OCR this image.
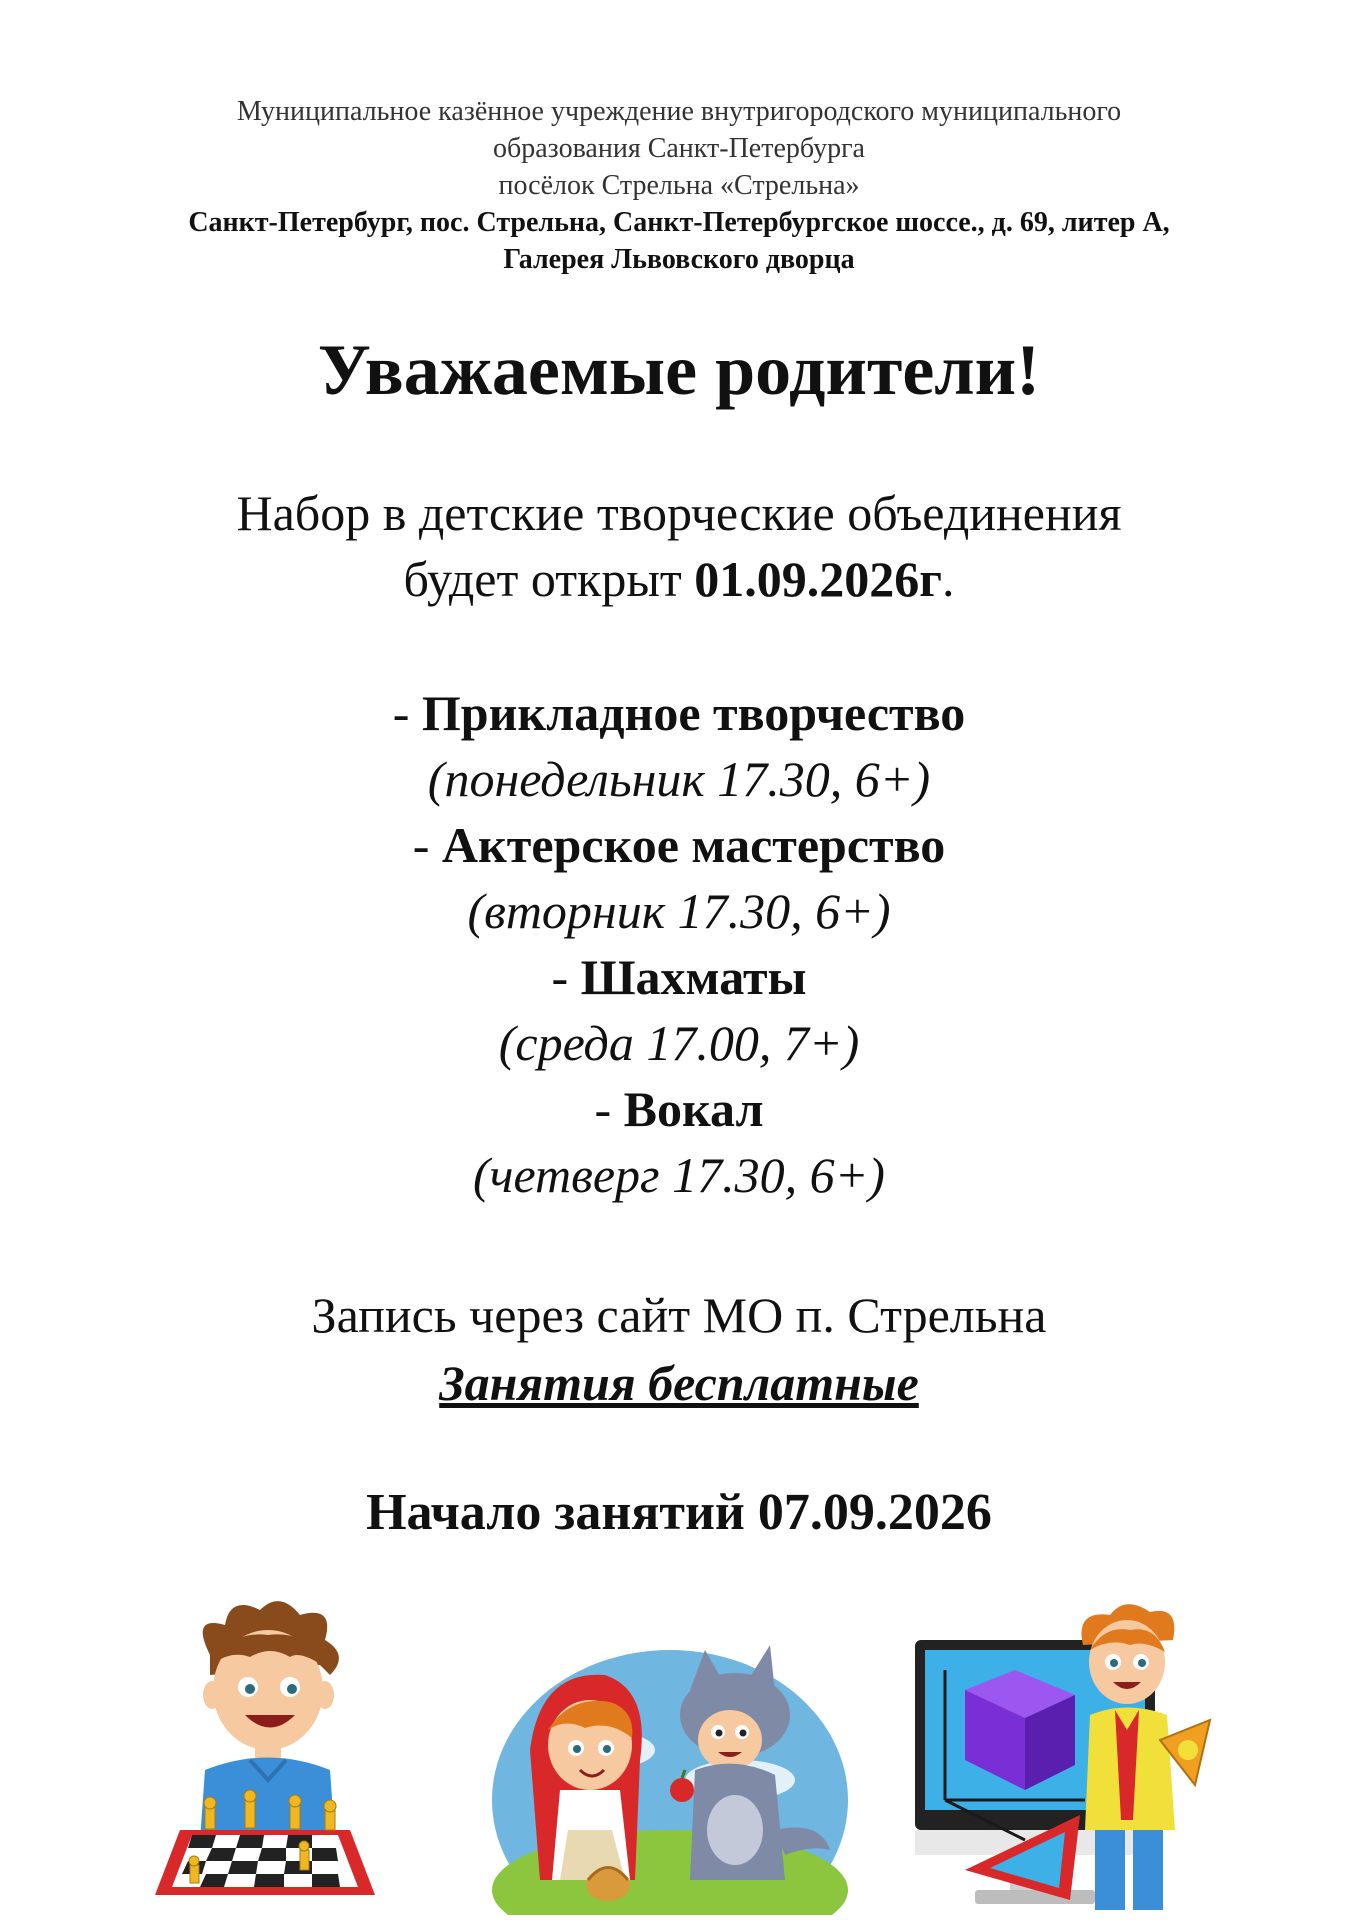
Муниципальное казённое учреждение внутригородского муниципального
образования Санкт-Петербурга
посёлок Стрельна «Стрельна»
Санкт-Петербург, пос. Стрельна, Санкт-Петербургское шоссе., д. 69, литер А,
Галерея Львовского дворца
Уважаемые родители!
Набор в детские творческие объединения
будет открыт 01.09.2026г.
- Прикладное творчество
(понедельник 17.30, 6+)
- Актерское мастерство
(вторник 17.30, 6+)
- Шахматы
(среда 17.00, 7+)
- Вокал
(четверг 17.30, 6+)
Запись через сайт МО п. Стрельна
Занятия бесплатные
Начало занятий 07.09.2026
